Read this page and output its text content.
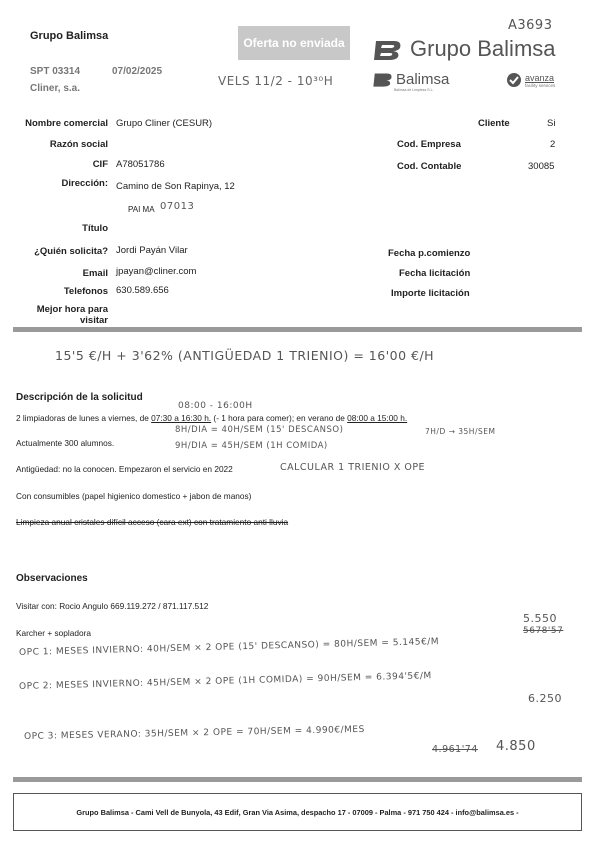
Grupo Balimsa	Oferta no enviada
A3693
Grupo Balimsa
SPT 03314	07/02/2025
Cliner, s.a.
VELS 11/2 - 10³⁰H	Balimsa
Balimsa de Limpieza S.L.
avanza
facility services
Nombre comercial Grupo Cliner (CESUR)
Razón social
CIF A78051786
Dirección: Camino de Son Rapinya, 12
PAI MA 07013
Título
¿Quién solicita? Jordi Payán Vilar
Email jpayan@cliner.com
Telefonos 630.589.656
Mejor hora para
visitar
Cliente	Si
Cod. Empresa	2
Cod. Contable	30085
Fecha p.comienzo
Fecha licitación
Importe licitación
15'5 €/H + 3'62% (ANTIGÜEDAD 1 TRIENIO) = 16'00 €/H
Descripción de la solicitud
08:00 - 16:00H
2 limpiadoras de lunes a viernes, de 07:30 a 16:30 h. (- 1 hora para comer); en verano de 08:00 a 15:00 h.
8H/DIA = 40H/SEM (15' DESCANSO)	7H/D → 35H/SEM
Actualmente 300 alumnos.	9H/DIA = 45H/SEM (1H COMIDA)
Antigüedad: no la conocen. Empezaron el servicio en 2022	CALCULAR 1 TRIENIO X OPE
Con consumibles (papel higienico domestico + jabon de manos)
Limpieza anual cristales difícil acceso (cara ext) con tratamiento anti lluvia
Observaciones
Visitar con: Rocio Angulo 669.119.272 / 871.117.512
Karcher + sopladora
5.550
5678'57
OPC 1: MESES INVIERNO: 40H/SEM × 2 OPE (15' DESCANSO) = 80H/SEM = 5.145€/M
OPC 2: MESES INVIERNO: 45H/SEM × 2 OPE (1H COMIDA) = 90H/SEM = 6.394'5€/M
6.250
OPC 3: MESES VERANO: 35H/SEM × 2 OPE = 70H/SEM = 4.990€/MES
4.961'74 4.850
Grupo Balimsa - Cami Vell de Bunyola, 43 Edif, Gran Via Asima, despacho 17 - 07009 - Palma - 971 750 424 - info@balimsa.es -
